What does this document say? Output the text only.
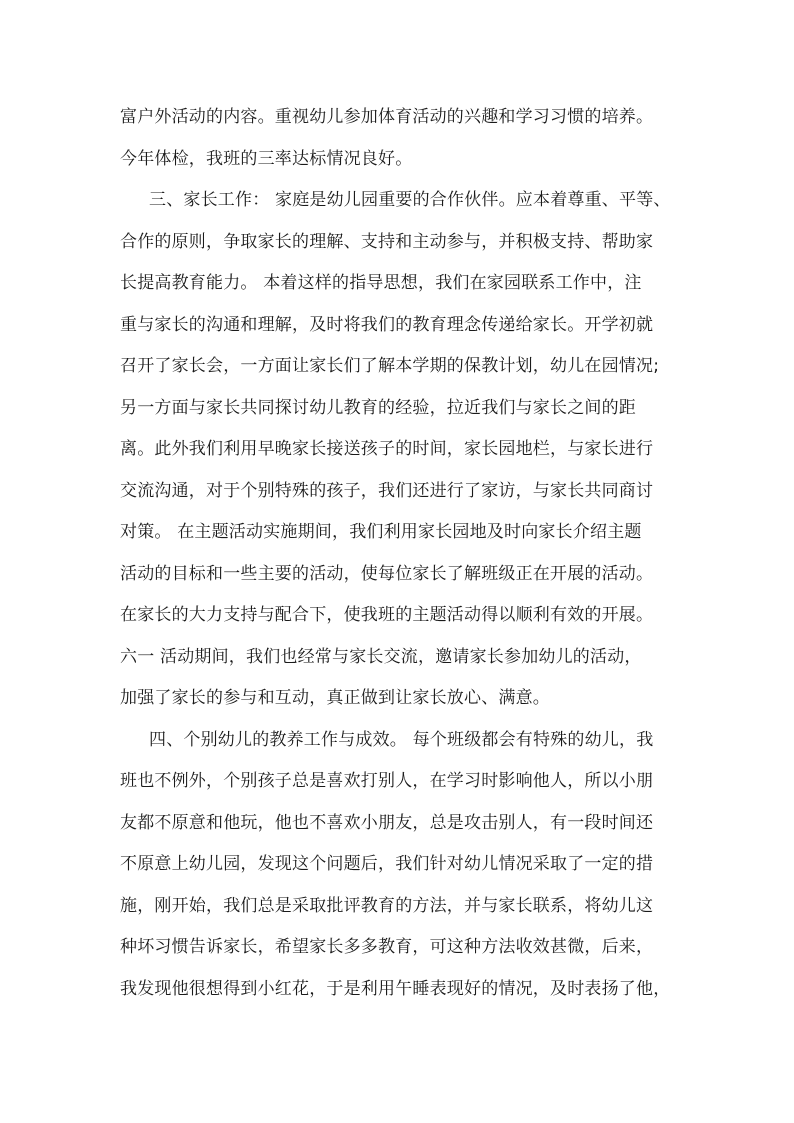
富户外活动的内容。重视幼儿参加体育活动的兴趣和学习习惯的培养。
今年体检，我班的三率达标情况良好。
三、家长工作： 家庭是幼儿园重要的合作伙伴。应本着尊重、平等、
合作的原则，争取家长的理解、支持和主动参与，并积极支持、帮助家
长提高教育能力。 本着这样的指导思想，我们在家园联系工作中，注
重与家长的沟通和理解，及时将我们的教育理念传递给家长。开学初就
召开了家长会，一方面让家长们了解本学期的保教计划，幼儿在园情况;
另一方面与家长共同探讨幼儿教育的经验，拉近我们与家长之间的距
离。此外我们利用早晚家长接送孩子的时间，家长园地栏，与家长进行
交流沟通，对于个别特殊的孩子，我们还进行了家访，与家长共同商讨
对策。 在主题活动实施期间，我们利用家长园地及时向家长介绍主题
活动的目标和一些主要的活动，使每位家长了解班级正在开展的活动。
在家长的大力支持与配合下，使我班的主题活动得以顺利有效的开展。
六一 活动期间，我们也经常与家长交流，邀请家长参加幼儿的活动，
加强了家长的参与和互动，真正做到让家长放心、满意。
四、个别幼儿的教养工作与成效。 每个班级都会有特殊的幼儿，我
班也不例外，个别孩子总是喜欢打别人，在学习时影响他人，所以小朋
友都不原意和他玩，他也不喜欢小朋友，总是攻击别人，有一段时间还
不原意上幼儿园，发现这个问题后，我们针对幼儿情况采取了一定的措
施，刚开始，我们总是采取批评教育的方法，并与家长联系，将幼儿这
种坏习惯告诉家长，希望家长多多教育，可这种方法收效甚微，后来，
我发现他很想得到小红花，于是利用午睡表现好的情况，及时表扬了他，
